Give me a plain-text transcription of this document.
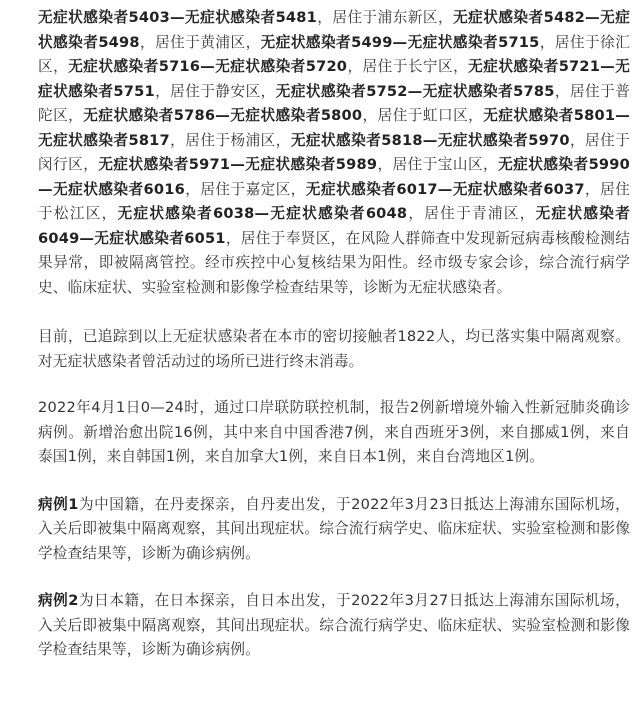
无症状感染者5403—无症状感染者5481，居住于浦东新区，无症状感染者5482—无症状感染者5498，居住于黄浦区，无症状感染者5499—无症状感染者5715，居住于徐汇区，无症状感染者5716—无症状感染者5720，居住于长宁区，无症状感染者5721—无症状感染者5751，居住于静安区，无症状感染者5752—无症状感染者5785，居住于普陀区，无症状感染者5786—无症状感染者5800，居住于虹口区，无症状感染者5801—无症状感染者5817，居住于杨浦区，无症状感染者5818—无症状感染者5970，居住于闵行区，无症状感染者5971—无症状感染者5989，居住于宝山区，无症状感染者5990—无症状感染者6016，居住于嘉定区，无症状感染者6017—无症状感染者6037，居住于松江区，无症状感染者6038—无症状感染者6048，居住于青浦区，无症状感染者6049—无症状感染者6051，居住于奉贤区，在风险人群筛查中发现新冠病毒核酸检测结果异常，即被隔离管控。经市疾控中心复核结果为阳性。经市级专家会诊，综合流行病学史、临床症状、实验室检测和影像学检查结果等，诊断为无症状感染者。

目前，已追踪到以上无症状感染者在本市的密切接触者1822人，均已落实集中隔离观察。对无症状感染者曾活动过的场所已进行终末消毒。

2022年4月1日0—24时，通过口岸联防联控机制，报告2例新增境外输入性新冠肺炎确诊病例。新增治愈出院16例，其中来自中国香港7例，来自西班牙3例，来自挪威1例，来自泰国1例，来自韩国1例，来自加拿大1例，来自日本1例，来自台湾地区1例。

病例1为中国籍，在丹麦探亲，自丹麦出发，于2022年3月23日抵达上海浦东国际机场，入关后即被集中隔离观察，其间出现症状。综合流行病学史、临床症状、实验室检测和影像学检查结果等，诊断为确诊病例。

病例2为日本籍，在日本探亲，自日本出发，于2022年3月27日抵达上海浦东国际机场，入关后即被集中隔离观察，其间出现症状。综合流行病学史、临床症状、实验室检测和影像学检查结果等，诊断为确诊病例。
